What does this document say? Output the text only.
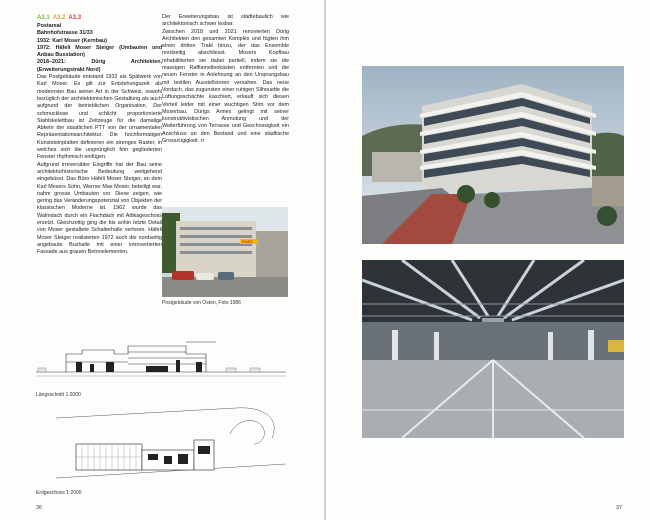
A3.1 A3.2 A3.3

Postareal

Bahnhofstrasse 31/33

1932: Karl Moser (Kernbau)

1972: Häfeli Moser Steiger (Umbauten und Anbau Busstation)

2018–2021: Dürig Architekten, (Erweiterungstrakt Nord)

Das Postgebäude entstand 1932 als Spätwerk von Karl Moser. Es gilt zur Entstehungszeit als modernster Bau seiner Art in der Schweiz, sowohl bezüglich der architektonischen Gestaltung als auch aufgrund der betrieblichen Organisation. Der schmucklose und schlicht proportionierte Stahlskelettbau ist Zeitzeuge für die damalige Abkehr der staatlichen PTT von der ornamentalen Repräsentationsarchitektur. Die hochformatigen Kunststeinplatten definieren ein strenges Raster, in welches sich die ursprünglich fein gegliederten Fenster rhythmisch einfügen.

Aufgrund irreversibler Eingriffe hat der Bau seine architekturhistorische Bedeutung weitgehend eingebüsst. Das Büro Häfeli Moser Steiger, an dem Karl Mosers Sohn, Werner Max Moser, beteiligt war, nahm grosse Umbauten vor. Diese zeigen, wie gering das Veränderungspotenzial von Objekten der klassischen Moderne ist. 1962 wurde das Walmdach durch ein Flachdach mit Attikageschoss ersetzt. Gleichzeitig ging die bis anhin letzte Detail von Moser gestaltete Schalterhalle verloren. Häfeli Moser Steiger realisierten 1972 auch die nordseitig angebaute Bushalle mit einer introvertierten Fassade aus grauen Betonelementen.

Der Erweiterungsbau ist städtebaulich wie architektonisch schwer lesbar.

Zwischen 2018 und 2021 renovierten Dürig Architekten den gesamten Komplex und fügten ihm einen dritten Trakt hinzu, der das Ensemble nordseitig abschliesst. Mosers Kopfbau rehabilitierten sie dabei partiell, indem sie die massigen Raffiamellenkästen entfernten und die neuen Fenster in Anlehnung an den Ursprungsbau mit textilen Ausstellstoren versahen. Das neue Vordach, das zugunsten einer ruhigen Silhouette die Lüftungsschächte kaschiert, erkauft sich diesen Vorteil leider mit einer wuchtigen Stirn vor dem Moserbau. Dürigs Annex gelingt mit seiner konstruktivistischen Anmutung und der Weiterführung von Terrasse und Geschossigkeit ein Anschluss an den Bestand und eine städtische Grosszügigkeit. rr

POST
Postgebäude von Osten, Foto 1986
Längsschnitt 1:2000
Erdgeschoss 1:2000
36	37
